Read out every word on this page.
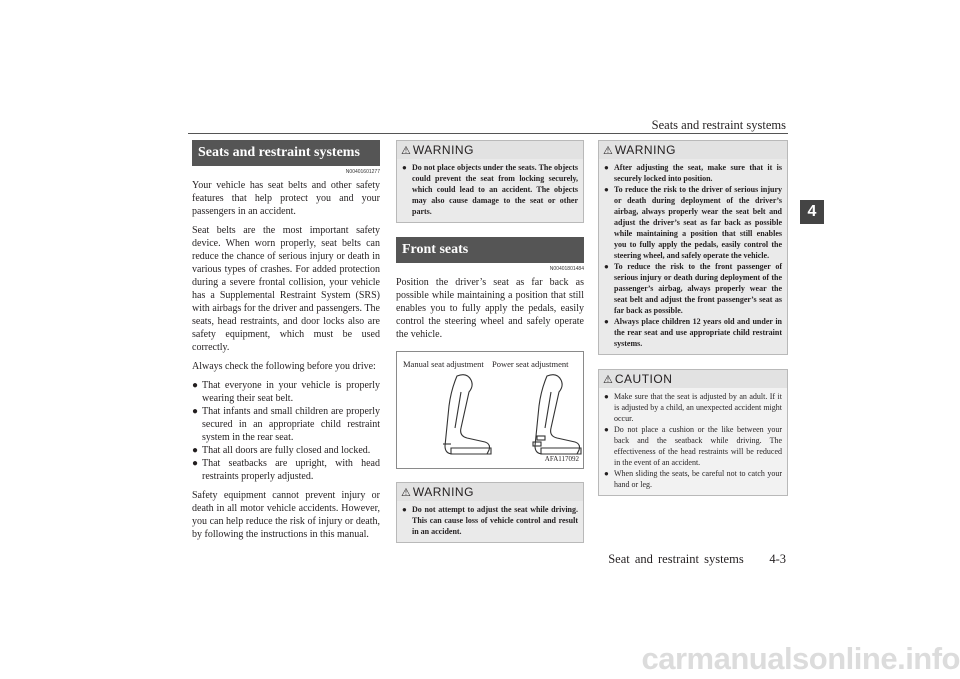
Seats and restraint systems
4
Seats and restraint systems
N00401601277

Your vehicle has seat belts and other safety features that help protect you and your passengers in an accident.

Seat belts are the most important safety device. When worn properly, seat belts can reduce the chance of serious injury or death in various types of crashes. For added protection during a severe frontal collision, your vehicle has a Supplemental Restraint System (SRS) with airbags for the driver and passengers. The seats, head restraints, and door locks also are safety equipment, which must be used correctly.

Always check the following before you drive:

● That everyone in your vehicle is properly wearing their seat belt.
● That infants and small children are properly secured in an appropriate child restraint system in the rear seat.
● That all doors are fully closed and locked.
● That seatbacks are upright, with head restraints properly adjusted.

Safety equipment cannot prevent injury or death in all motor vehicle accidents. However, you can help reduce the risk of injury or death, by following the instructions in this manual.

⚠ WARNING
● Do not place objects under the seats. The objects could prevent the seat from locking securely, which could lead to an accident. The objects may also cause damage to the seat or other parts.
Front seats
N00401801484

Position the driver’s seat as far back as possible while maintaining a position that still enables you to fully apply the pedals, easily control the steering wheel and safely operate the vehicle.

Manual seat adjustment Power seat adjustment
AFA117092
⚠ WARNING
● Do not attempt to adjust the seat while driving. This can cause loss of vehicle control and result in an accident.
⚠ WARNING
● After adjusting the seat, make sure that it is securely locked into position.
● To reduce the risk to the driver of serious injury or death during deployment of the driver’s airbag, always properly wear the seat belt and adjust the driver’s seat as far back as possible while maintaining a position that still enables you to fully apply the pedals, easily control the steering wheel, and safely operate the vehicle.
● To reduce the risk to the front passenger of serious injury or death during deployment of the passenger’s airbag, always properly wear the seat belt and adjust the front passenger’s seat as far back as possible.
● Always place children 12 years old and under in the rear seat and use appropriate child restraint systems.
⚠ CAUTION
● Make sure that the seat is adjusted by an adult. If it is adjusted by a child, an unexpected accident might occur.
● Do not place a cushion or the like between your back and the seatback while driving. The effectiveness of the head restraints will be reduced in the event of an accident.
● When sliding the seats, be careful not to catch your hand or leg.
Seat and restraint systems 4-3
carmanualsonline.info
